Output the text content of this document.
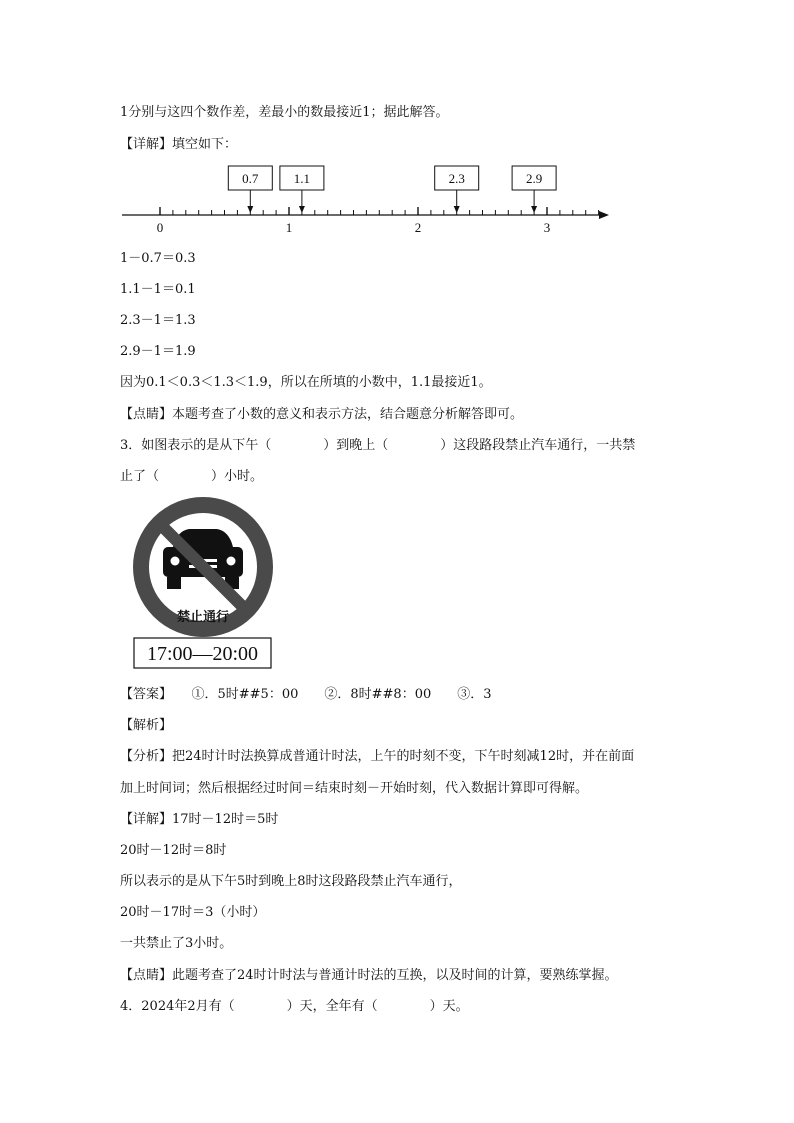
1分别与这四个数作差，差最小的数最接近1；据此解答。
【详解】填空如下：
0	1	2	3
0.7	1.1	2.3	2.9
1－0.7＝0.3
1.1－1＝0.1
2.3－1＝1.3
2.9－1＝1.9
因为0.1＜0.3＜1.3＜1.9，所以在所填的小数中，1.1最接近1。
【点睛】本题考查了小数的意义和表示方法，结合题意分析解答即可。
3．如图表示的是从下午（　　　　）到晚上（　　　　）这段路段禁止汽车通行，一共禁
止了（　　　　）小时。
禁止通行
17:00—20:00
【答案】　　①．5时##5：00　　②．8时##8：00　　③．3
【解析】
【分析】把24时计时法换算成普通计时法，上午的时刻不变，下午时刻减12时，并在前面
加上时间词；然后根据经过时间＝结束时刻－开始时刻，代入数据计算即可得解。
【详解】17时－12时＝5时
20时－12时＝8时
所以表示的是从下午5时到晚上8时这段路段禁止汽车通行，
20时－17时＝3（小时）
一共禁止了3小时。
【点睛】此题考查了24时计时法与普通计时法的互换，以及时间的计算，要熟练掌握。
4．2024年2月有（　　　　）天，全年有（　　　　）天。
